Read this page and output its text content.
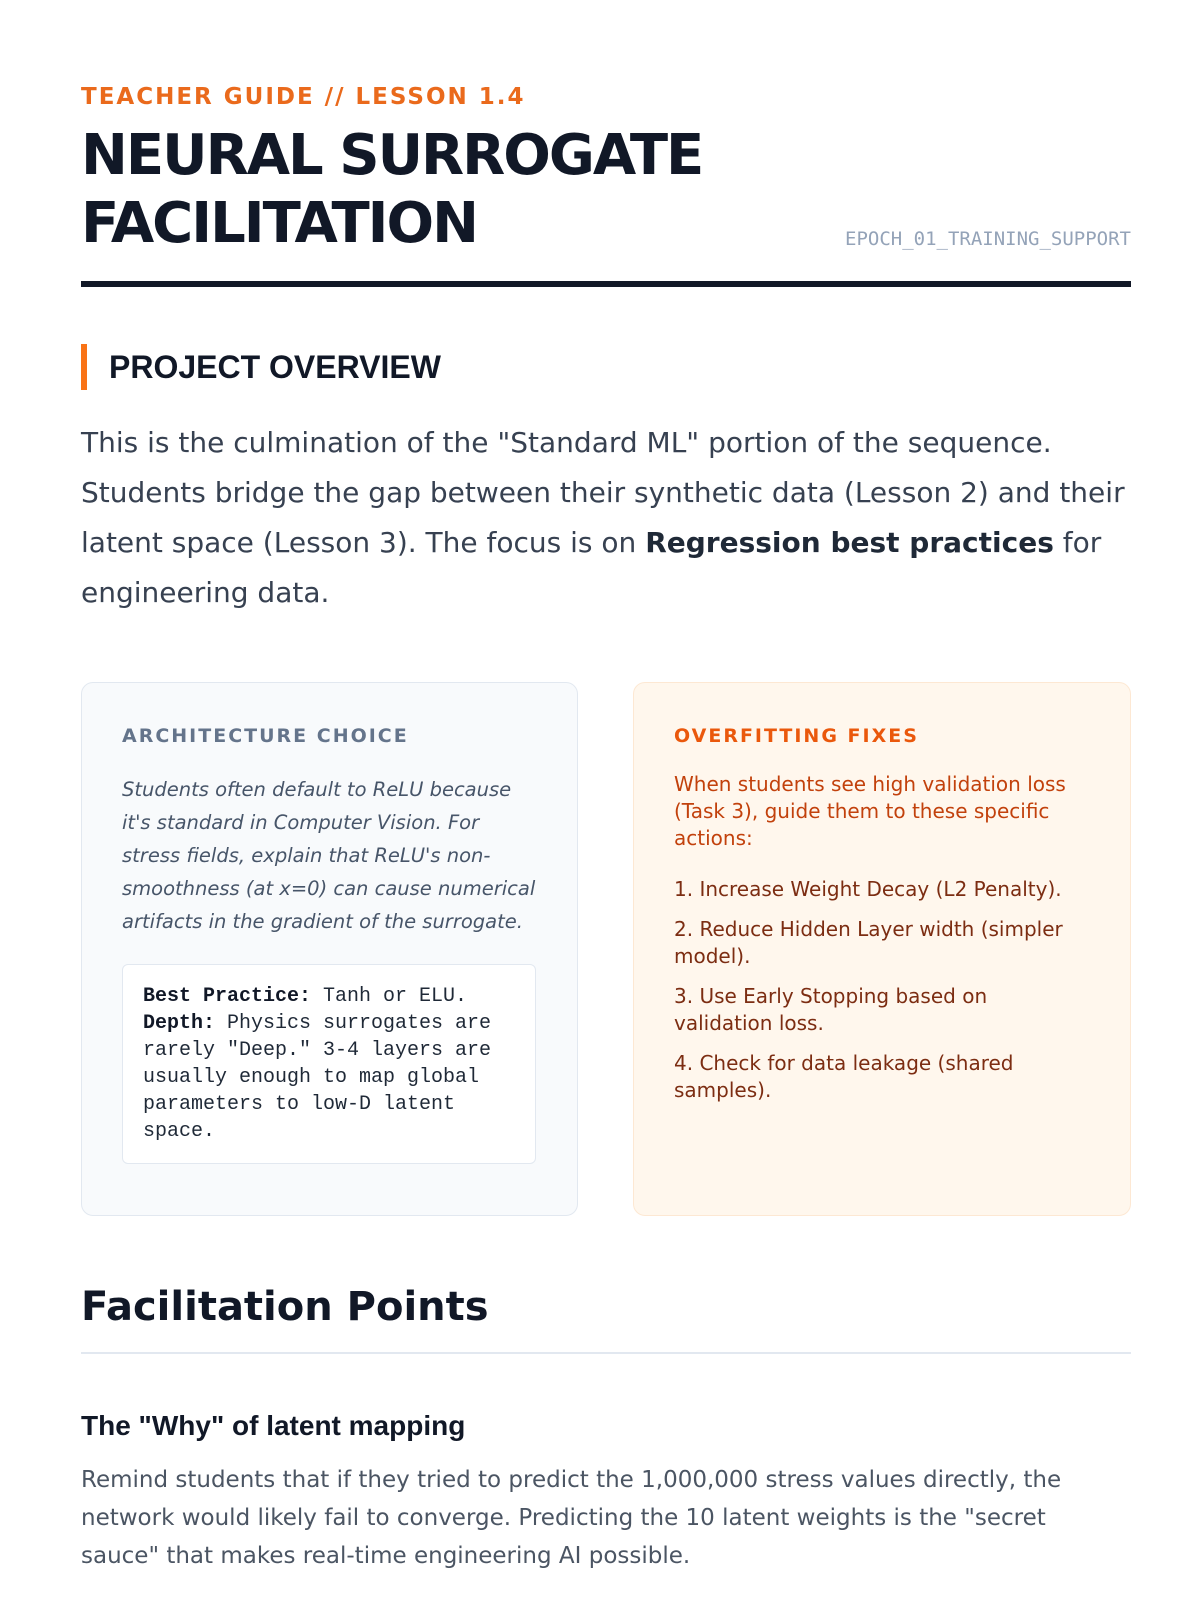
TEACHER GUIDE // LESSON 1.4
NEURAL SURROGATE
FACILITATION	EPOCH_01_TRAINING_SUPPORT
PROJECT OVERVIEW

This is the culmination of the "Standard ML" portion of the sequence. Students bridge the gap between their synthetic data (Lesson 2) and their latent space (Lesson 3). The focus is on Regression best practices for engineering data.

ARCHITECTURE CHOICE

Students often default to ReLU because it's standard in Computer Vision. For stress fields, explain that ReLU's non-smoothness (at x=0) can cause numerical artifacts in the gradient of the surrogate.

Best Practice: Tanh or ELU.
Depth: Physics surrogates are rarely "Deep." 3-4 layers are usually enough to map global parameters to low-D latent space.
OVERFITTING FIXES

When students see high validation loss (Task 3), guide them to these specific actions:

1. Increase Weight Decay (L2 Penalty).
2. Reduce Hidden Layer width (simpler model).
3. Use Early Stopping based on validation loss.
4. Check for data leakage (shared samples).
Facilitation Points
The "Why" of latent mapping

Remind students that if they tried to predict the 1,000,000 stress values directly, the network would likely fail to converge. Predicting the 10 latent weights is the "secret sauce" that makes real-time engineering AI possible.
